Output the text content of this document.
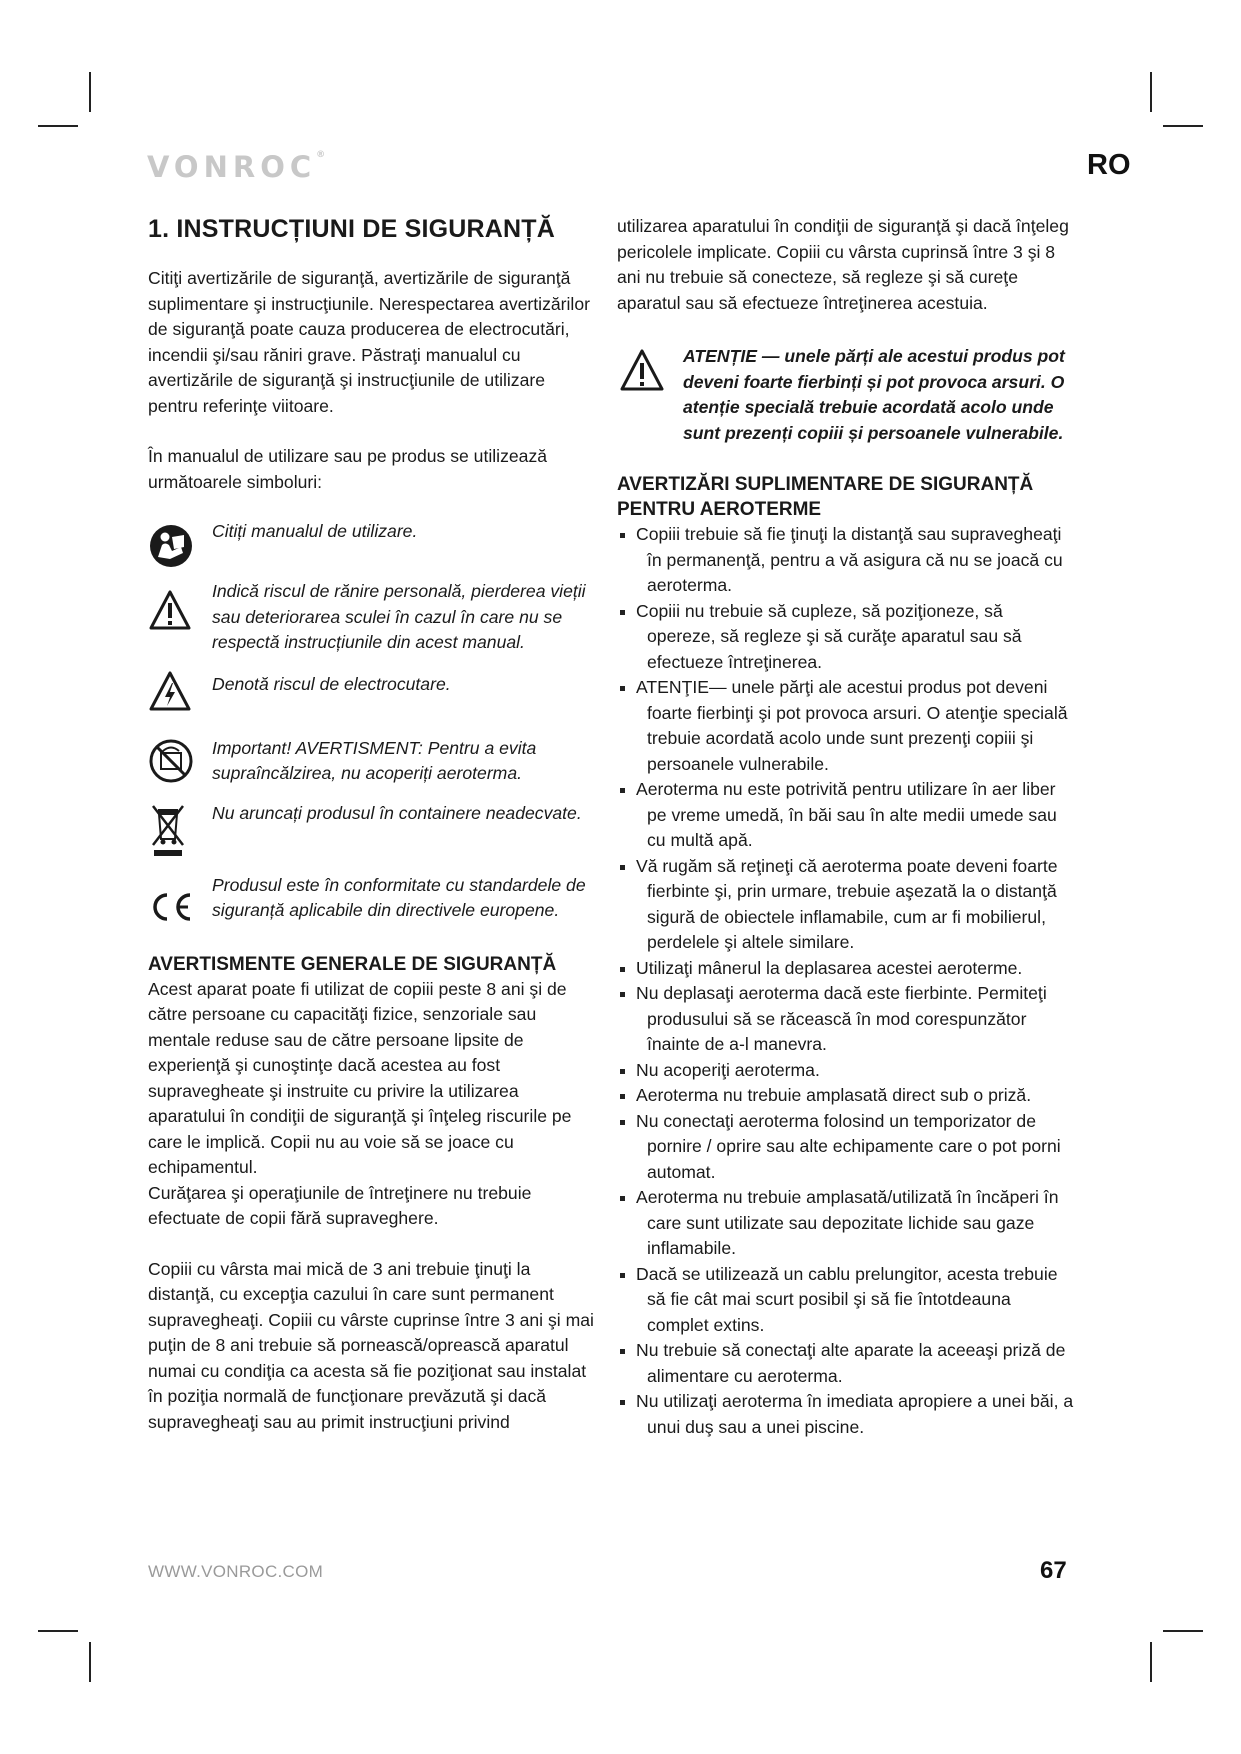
VONROC®	RO
1. INSTRUCȚIUNI DE SIGURANȚĂ

Citiţi avertizările de siguranţă, avertizările de siguranţă suplimentare şi instrucţiunile. Nerespectarea avertizărilor de siguranţă poate cauza producerea de electrocutări, incendii şi/sau răniri grave. Păstraţi manualul cu avertizările de siguranţă şi instrucţiunile de utilizare pentru referinţe viitoare.

În manualul de utilizare sau pe produs se utilizează următoarele simboluri:

Citiți manualul de utilizare.
Indică riscul de rănire personală, pierderea vieții sau deteriorarea sculei în cazul în care nu se respectă instrucțiunile din acest manual.
Denotă riscul de electrocutare.
Important! AVERTISMENT: Pentru a evita supraîncălzirea, nu acoperiți aeroterma.
Nu aruncați produsul în containere neadecvate.
Produsul este în conformitate cu standardele de siguranță aplicabile din directivele europene.
AVERTISMENTE GENERALE DE SIGURANȚĂ

Acest aparat poate fi utilizat de copiii peste 8 ani şi de către persoane cu capacităţi fizice, senzoriale sau mentale reduse sau de către persoane lipsite de experienţă şi cunoştinţe dacă acestea au fost supravegheate şi instruite cu privire la utilizarea aparatului în condiţii de siguranţă şi înţeleg riscurile pe care le implică. Copii nu au voie să se joace cu echipamentul.

Curăţarea şi operaţiunile de întreţinere nu trebuie efectuate de copii fără supraveghere.

Copiii cu vârsta mai mică de 3 ani trebuie ţinuţi la distanţă, cu excepţia cazului în care sunt permanent supravegheaţi. Copiii cu vârste cuprinse între 3 ani şi mai puţin de 8 ani trebuie să pornească/oprească aparatul numai cu condiţia ca acesta să fie poziţionat sau instalat în poziţia normală de funcţionare prevăzută şi dacă supravegheaţi sau au primit instrucţiuni privind

utilizarea aparatului în condiţii de siguranţă şi dacă înţeleg pericolele implicate. Copiii cu vârsta cuprinsă între 3 şi 8 ani nu trebuie să conecteze, să regleze şi să cureţe aparatul sau să efectueze întreţinerea acestuia.

ATENȚIE — unele părți ale acestui produs pot deveni foarte fierbinți și pot provoca arsuri. O atenție specială trebuie acordată acolo unde sunt prezenți copiii și persoanele vulnerabile.
AVERTIZĂRI SUPLIMENTARE DE SIGURANȚĂ PENTRU AEROTERME
Copiii trebuie să fie ţinuţi la distanţă sau supravegheaţi în permanenţă, pentru a vă asigura că nu se joacă cu aeroterma.
Copiii nu trebuie să cupleze, să poziţioneze, să opereze, să regleze şi să curăţe aparatul sau să efectueze întreţinerea.
ATENŢIE— unele părţi ale acestui produs pot deveni foarte fierbinţi şi pot provoca arsuri. O atenţie specială trebuie acordată acolo unde sunt prezenţi copiii şi persoanele vulnerabile.
Aeroterma nu este potrivită pentru utilizare în aer liber pe vreme umedă, în băi sau în alte medii umede sau cu multă apă.
Vă rugăm să reţineţi că aeroterma poate deveni foarte fierbinte şi, prin urmare, trebuie aşezată la o distanţă sigură de obiectele inflamabile, cum ar fi mobilierul, perdelele şi altele similare.
Utilizaţi mânerul la deplasarea acestei aeroterme.
Nu deplasaţi aeroterma dacă este fierbinte. Permiteţi produsului să se răcească în mod corespunzător înainte de a-l manevra.
Nu acoperiţi aeroterma.
Aeroterma nu trebuie amplasată direct sub o priză.
Nu conectaţi aeroterma folosind un temporizator de pornire / oprire sau alte echipamente care o pot porni automat.
Aeroterma nu trebuie amplasată/utilizată în încăperi în care sunt utilizate sau depozitate lichide sau gaze inflamabile.
Dacă se utilizează un cablu prelungitor, acesta trebuie să fie cât mai scurt posibil şi să fie întotdeauna complet extins.
Nu trebuie să conectaţi alte aparate la aceeaşi priză de alimentare cu aeroterma.
Nu utilizaţi aeroterma în imediata apropiere a unei băi, a unui duş sau a unei piscine.
WWW.VONROC.COM	67
